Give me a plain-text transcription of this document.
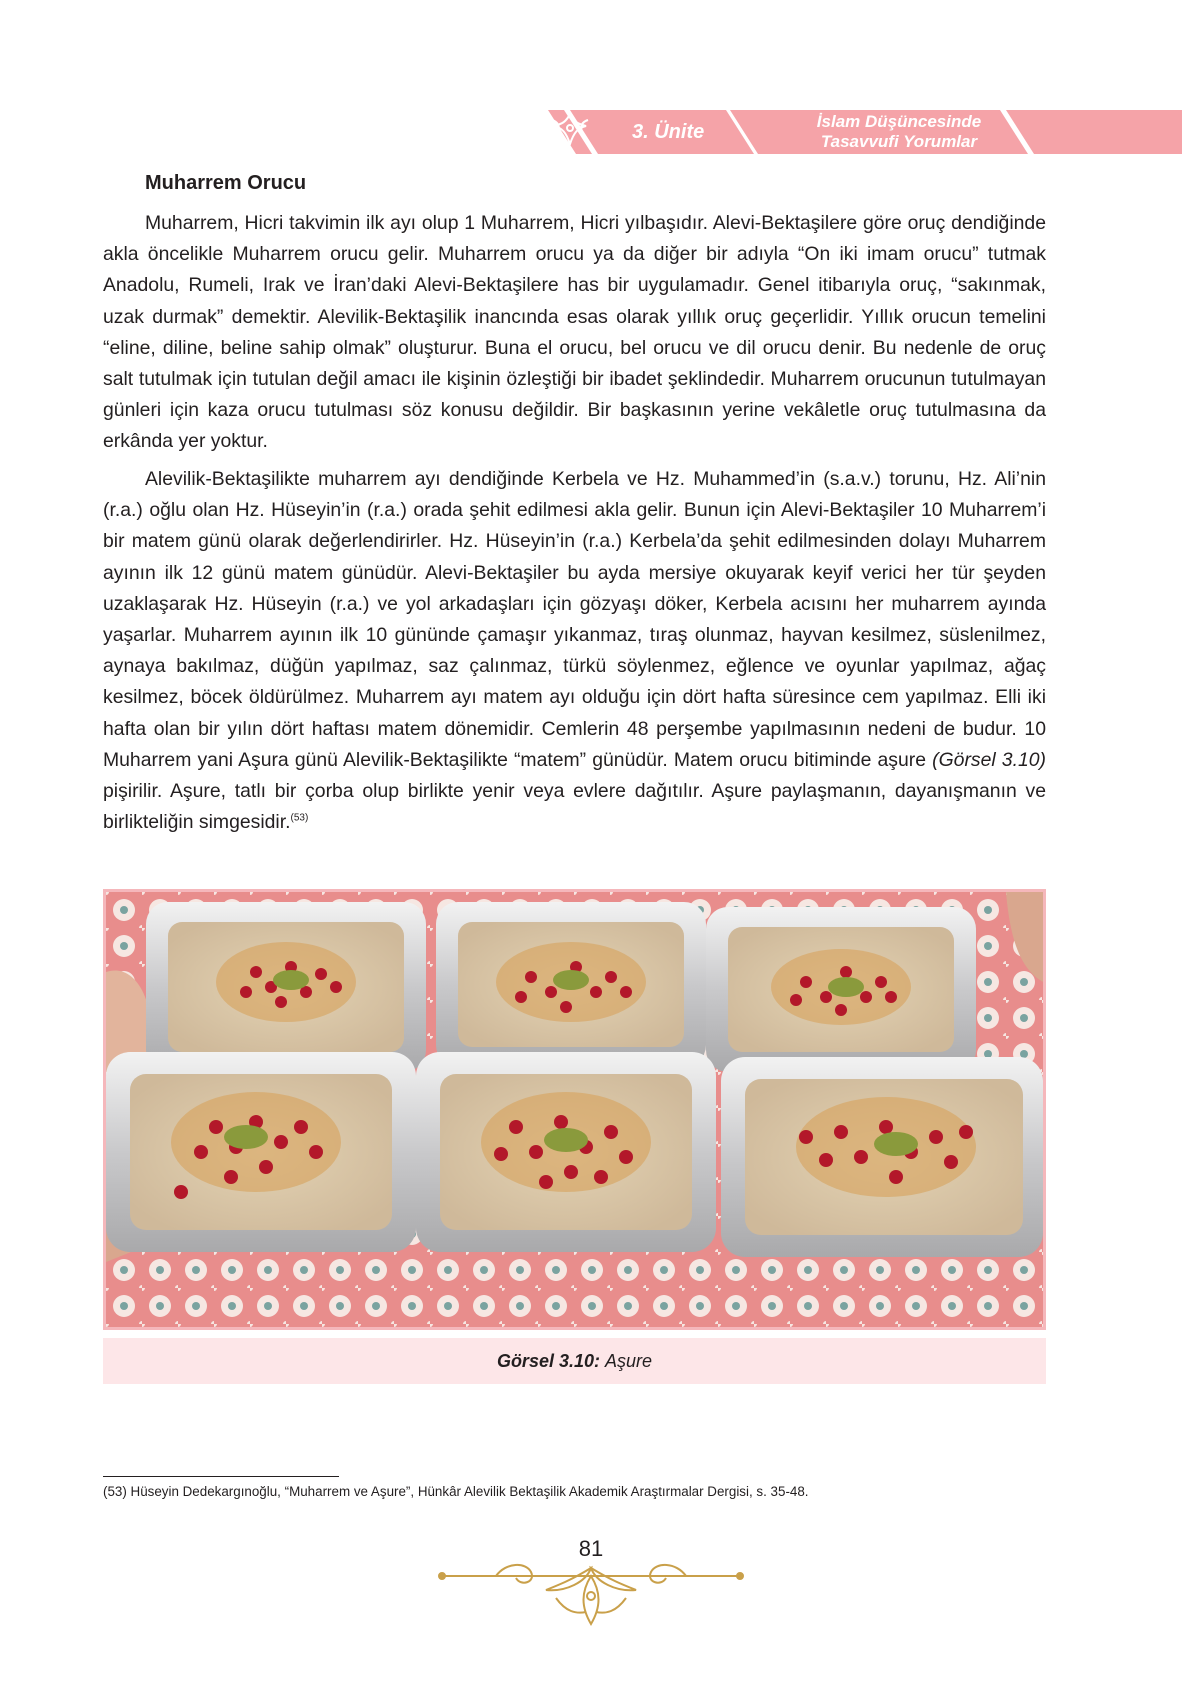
3. Ünite	İslam Düşüncesinde
Tasavvufi Yorumlar
Muharrem Orucu

Muharrem, Hicri takvimin ilk ayı olup 1 Muharrem, Hicri yılbaşıdır. Alevi-Bektaşilere göre oruç dendiğinde akla öncelikle Muharrem orucu gelir. Muharrem orucu ya da diğer bir adıyla “On iki imam orucu” tutmak Anadolu, Rumeli, Irak ve İran’daki Alevi-Bektaşilere has bir uygulamadır. Genel itibarıyla oruç, “sakınmak, uzak durmak” demektir. Alevilik-Bektaşilik inancında esas olarak yıllık oruç geçerlidir. Yıllık orucun temelini “eline, diline, beline sahip olmak” oluşturur. Buna el orucu, bel orucu ve dil orucu denir. Bu nedenle de oruç salt tutulmak için tutulan değil amacı ile kişinin özleştiği bir ibadet şeklindedir. Muharrem orucunun tutulmayan günleri için kaza orucu tutulması söz konusu değildir. Bir başkasının yerine vekâletle oruç tutulmasına da erkânda yer yoktur.

Alevilik-Bektaşilikte muharrem ayı dendiğinde Kerbela ve Hz. Muhammed’in (s.a.v.) torunu, Hz. Ali’nin (r.a.) oğlu olan Hz. Hüseyin’in (r.a.) orada şehit edilmesi akla gelir. Bunun için Alevi-Bektaşiler 10 Muharrem’i bir matem günü olarak değerlendirirler. Hz. Hüseyin’in (r.a.) Kerbela’da şehit edilmesinden dolayı Muharrem ayının ilk 12 günü matem günüdür. Alevi-Bektaşiler bu ayda mersiye okuyarak keyif verici her tür şeyden uzaklaşarak Hz. Hüseyin (r.a.) ve yol arkadaşları için gözyaşı döker, Kerbela acısını her muharrem ayında yaşarlar. Muharrem ayının ilk 10 gününde çamaşır yıkanmaz, tıraş olunmaz, hayvan kesilmez, süslenilmez, aynaya bakılmaz, düğün yapılmaz, saz çalınmaz, türkü söylenmez, eğlence ve oyunlar yapılmaz, ağaç kesilmez, böcek öldürülmez. Muharrem ayı matem ayı olduğu için dört hafta süresince cem yapılmaz. Elli iki hafta olan bir yılın dört haftası matem dönemidir. Cemlerin 48 perşembe yapılmasının nedeni de budur. 10 Muharrem yani Aşura günü Alevilik-Bektaşilikte “matem” günüdür. Matem orucu bitiminde aşure (Görsel 3.10) pişirilir. Aşure, tatlı bir çorba olup birlikte yenir veya evlere dağıtılır. Aşure paylaşmanın, dayanışmanın ve birlikteliğin simgesidir.$^{(53)}$

Görsel 3.10: Aşure

(53) Hüseyin Dedekargınoğlu, “Muharrem ve Aşure”, Hünkâr Alevilik Bektaşilik Akademik Araştırmalar Dergisi, s. 35-48.

81
